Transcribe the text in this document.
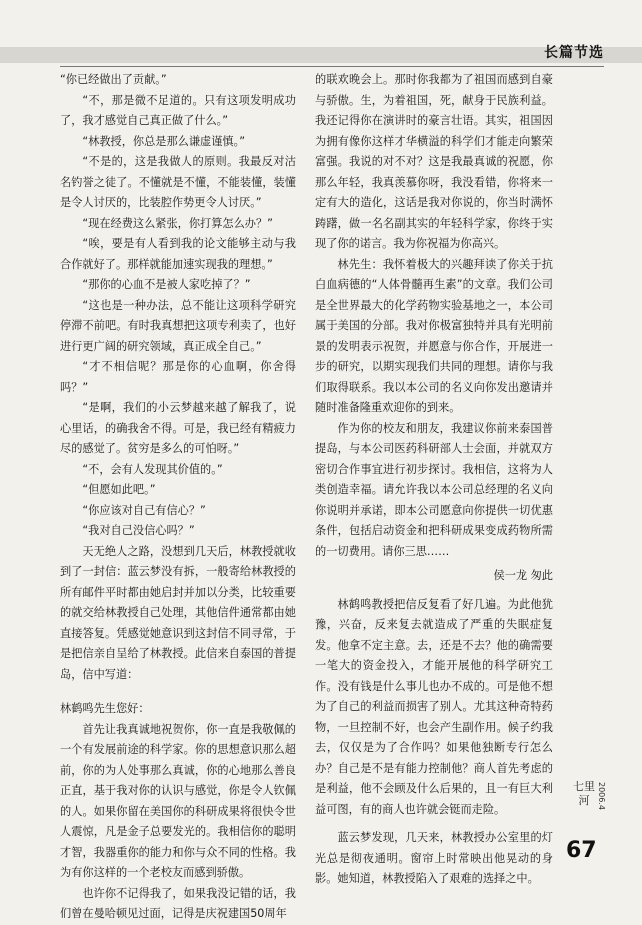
长篇节选

“你已经做出了贡献。”

“不，那是微不足道的。只有这项发明成功了，我才感觉自己真正做了什么。”

“林教授，你总是那么谦虚谨慎。”

“不是的，这是我做人的原则。我最反对沽名钓誉之徒了。不懂就是不懂，不能装懂，装懂是令人讨厌的，比装腔作势更令人讨厌。”

“现在经费这么紧张，你打算怎么办？”

“唉，要是有人看到我的论文能够主动与我合作就好了。那样就能加速实现我的理想。”

“那你的心血不是被人家吃掉了？”

“这也是一种办法，总不能让这项科学研究停滞不前吧。有时我真想把这项专利卖了，也好进行更广阔的研究领域，真正成全自己。”

“才不相信呢？那是你的心血啊，你舍得吗？”

“是啊，我们的小云梦越来越了解我了，说心里话，的确我舍不得。可是，我已经有精疲力尽的感觉了。贫穷是多么的可怕呀。”

“不，会有人发现其价值的。”

“但愿如此吧。”

“你应该对自己有信心？”

“我对自己没信心吗？”

天无绝人之路，没想到几天后，林教授就收到了一封信：蓝云梦没有拆，一般寄给林教授的所有邮件平时都由她启封并加以分类，比较重要的就交给林教授自己处理，其他信件通常都由她直接答复。凭感觉她意识到这封信不同寻常，于是把信亲自呈给了林教授。此信来自泰国的普提岛，信中写道：

林鹤鸣先生您好：

首先让我真诚地祝贺你，你一直是我敬佩的一个有发展前途的科学家。你的思想意识那么超前，你的为人处事那么真诚，你的心地那么善良正直，基于我对你的认识与感觉，你是令人钦佩的人。如果你留在美国你的科研成果将很快令世人震惊，凡是金子总要发光的。我相信你的聪明才智，我器重你的能力和你与众不同的性格。我为有你这样的一个老校友而感到骄傲。

也许你不记得我了，如果我没记错的话，我们曾在曼哈顿见过面，记得是庆祝建国50周年

的联欢晚会上。那时你我都为了祖国而感到自豪与骄傲。生，为着祖国，死，献身于民族利益。我还记得你在演讲时的豪言壮语。其实，祖国因为拥有像你这样才华横溢的科学们才能走向繁荣富强。我说的对不对？这是我最真诚的祝愿，你那么年轻，我真羡慕你呀，我没看错，你将来一定有大的造化，这话是我对你说的，你当时满怀踌躇，做一名名副其实的年轻科学家，你终于实现了你的诺言。我为你祝福为你高兴。

林先生：我怀着极大的兴趣拜读了你关于抗白血病德的“人体骨髓再生素”的文章。我们公司是全世界最大的化学药物实验基地之一，本公司属于美国的分部。我对你极富独特并具有光明前景的发明表示祝贺，并愿意与你合作，开展进一步的研究，以期实现我们共同的理想。请你与我们取得联系。我以本公司的名义向你发出邀请并随时准备隆重欢迎你的到来。

作为你的校友和朋友，我建议你前来泰国普提岛，与本公司医药科研部人士会面，并就双方密切合作事宜进行初步探讨。我相信，这将为人类创造幸福。请允许我以本公司总经理的名义向你说明并承诺，即本公司愿意向你提供一切优惠条件，包括启动资金和把科研成果变成药物所需的一切费用。请你三思……

侯一龙 匆此

林鹤鸣教授把信反复看了好几遍。为此他犹豫，兴奋，反来复去就造成了严重的失眠症复发。他拿不定主意。去，还是不去？他的确需要一笔大的资金投入，才能开展他的科学研究工作。没有钱是什么事儿也办不成的。可是他不想为了自己的利益而损害了别人。尤其这种奇特药物，一旦控制不好，也会产生副作用。候子约我去，仅仅是为了合作吗？如果他独断专行怎么办？自己是不是有能力控制他？商人首先考虑的是利益，他不会顾及什么后果的，且一有巨大利益可图，有的商人也许就会铤而走险。

蓝云梦发现，几天来，林教授办公室里的灯光总是彻夜通明。窗帘上时常映出他晃动的身影。她知道，林教授陷入了艰难的选择之中。

七里河 2006.4
67
